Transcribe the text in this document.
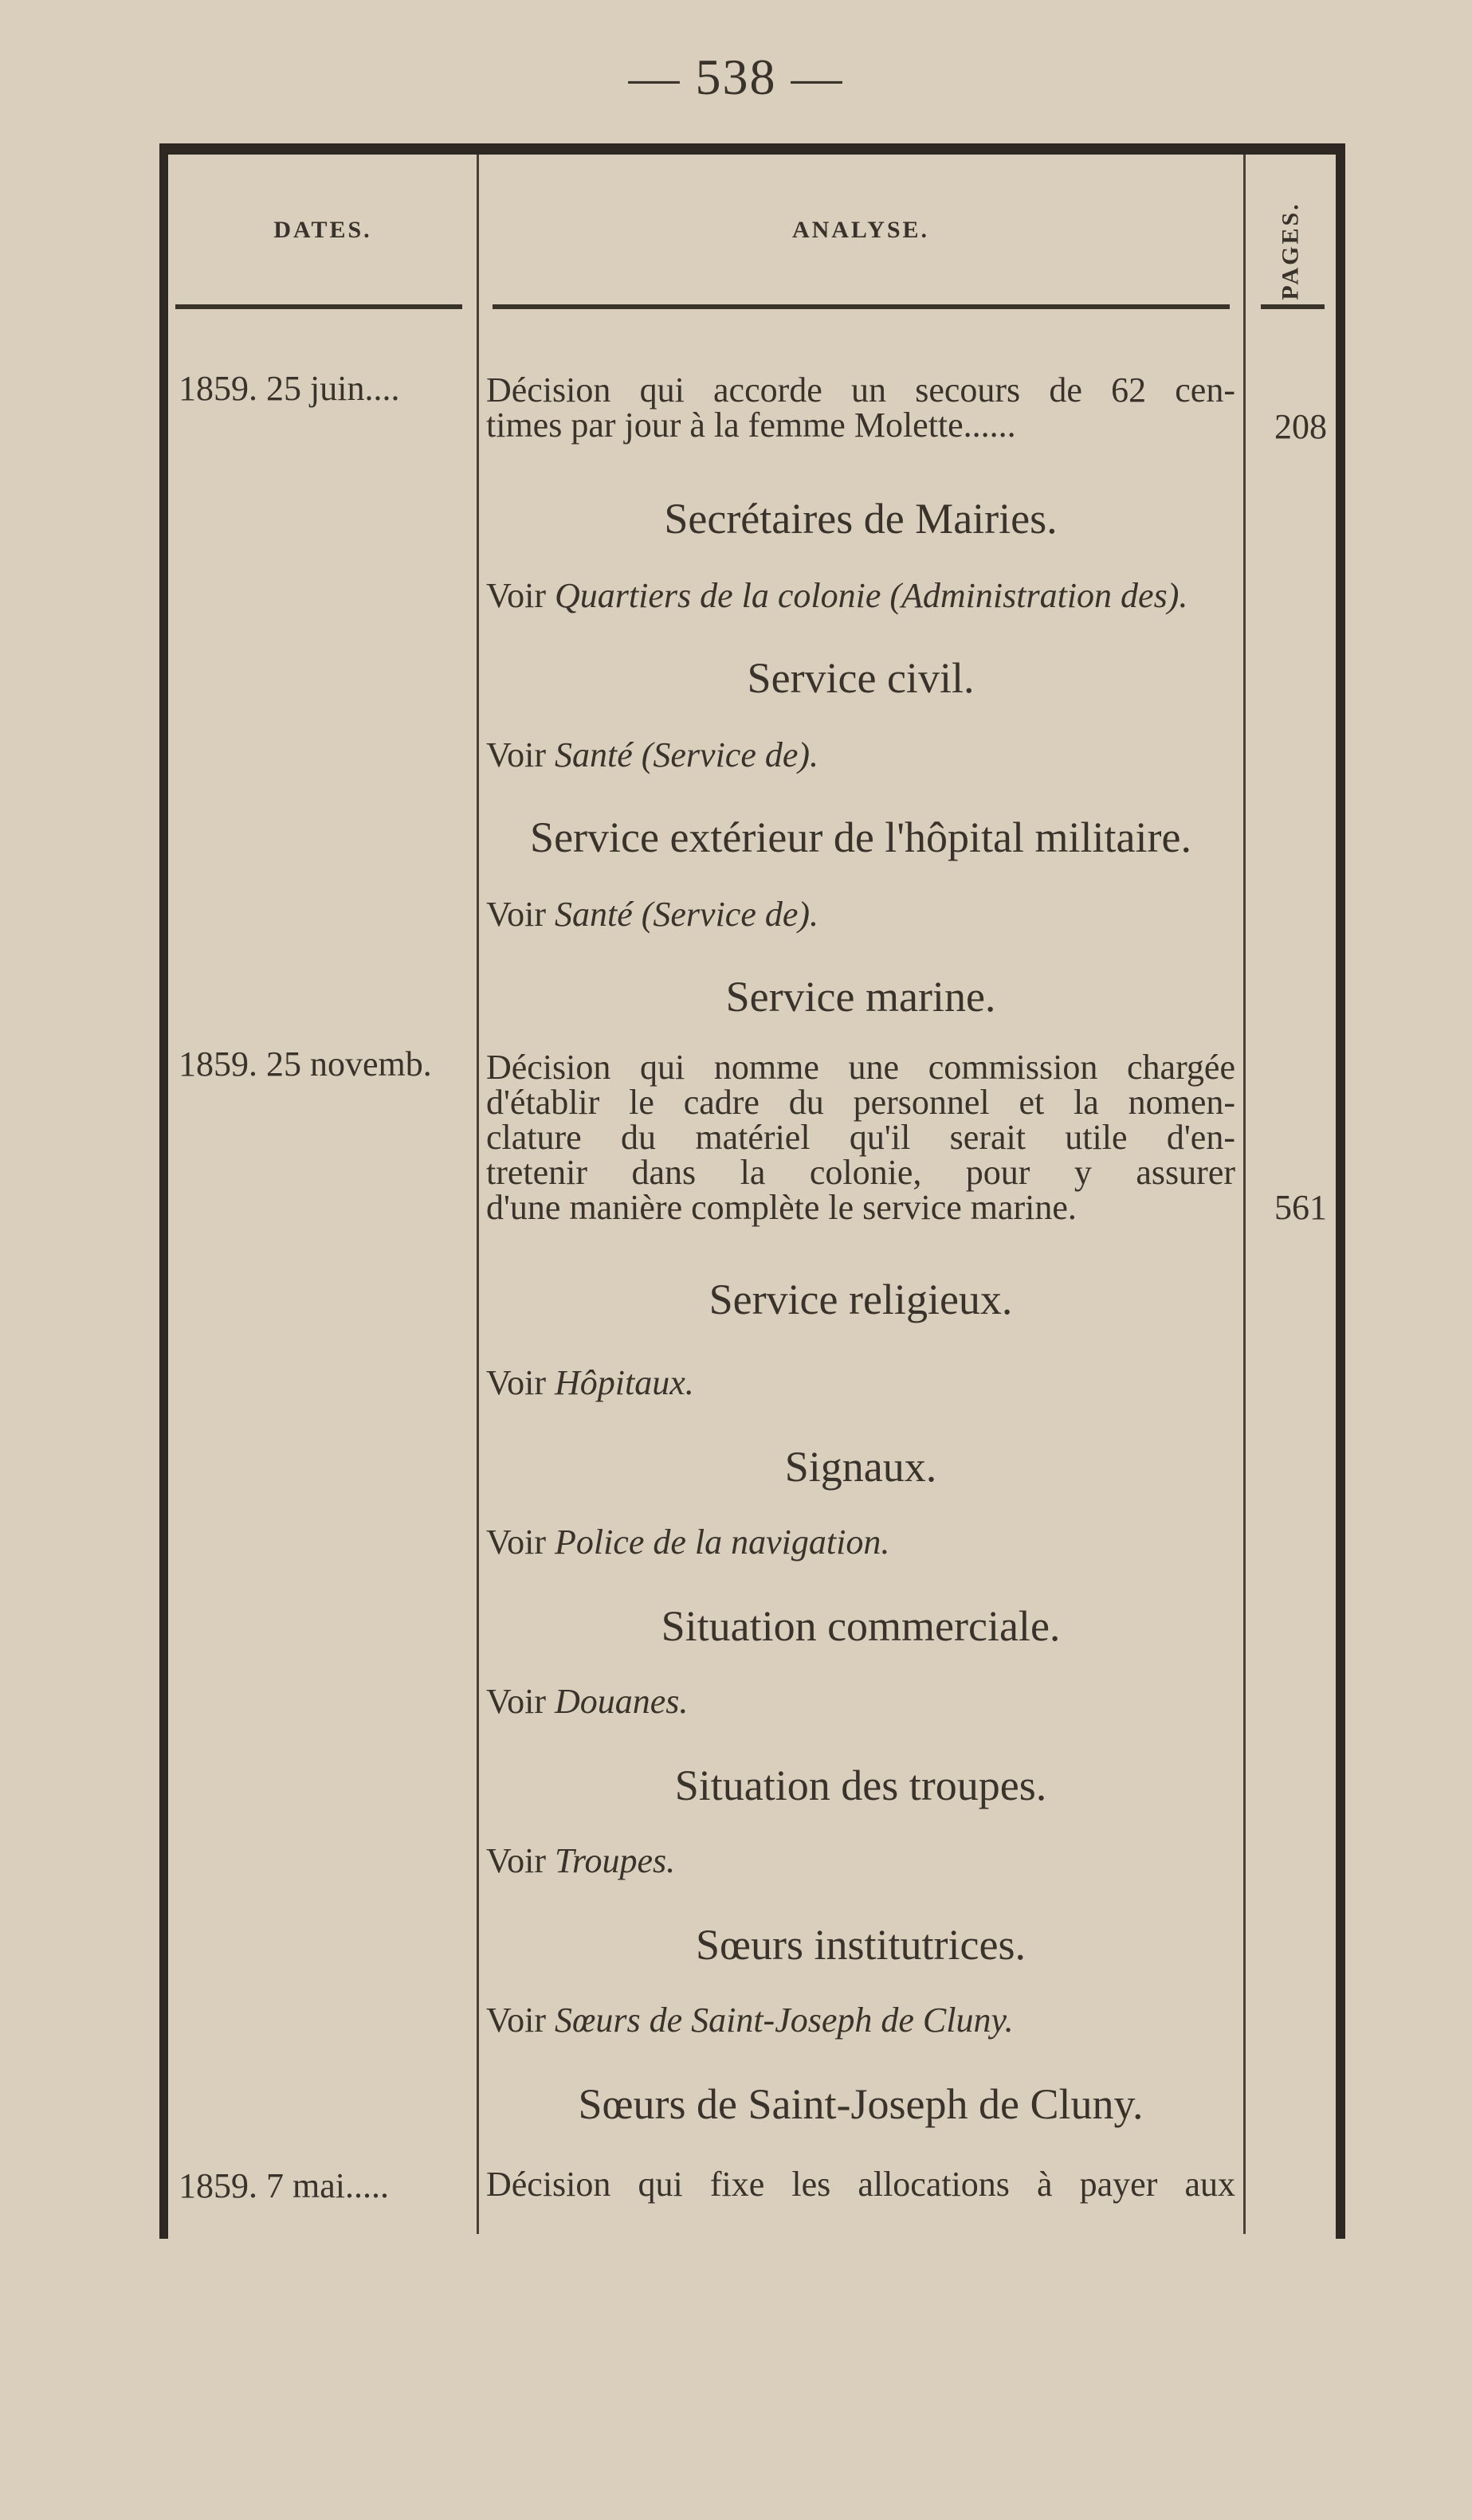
— 538 —
DATES.	ANALYSE.	PAGES.
1859. 25 juin....	Décision qui accorde un secours de 62 cen-
times par jour à la femme Molette......	208
Secrétaires de Mairies.
Voir Quartiers de la colonie (Administration des).
Service civil.
Voir Santé (Service de).
Service extérieur de l'hôpital militaire.
Voir Santé (Service de).
Service marine.
1859. 25 novemb.	Décision qui nomme une commission chargée
d'établir le cadre du personnel et la nomen-
clature du matériel qu'il serait utile d'en-
tretenir dans la colonie, pour y assurer
d'une manière complète le service marine.	561
Service religieux.
Voir Hôpitaux.
Signaux.
Voir Police de la navigation.
Situation commerciale.
Voir Douanes.
Situation des troupes.
Voir Troupes.
Sœurs institutrices.
Voir Sœurs de Saint-Joseph de Cluny.
Sœurs de Saint-Joseph de Cluny.
1859. 7 mai.....	Décision qui fixe les allocations à payer aux
